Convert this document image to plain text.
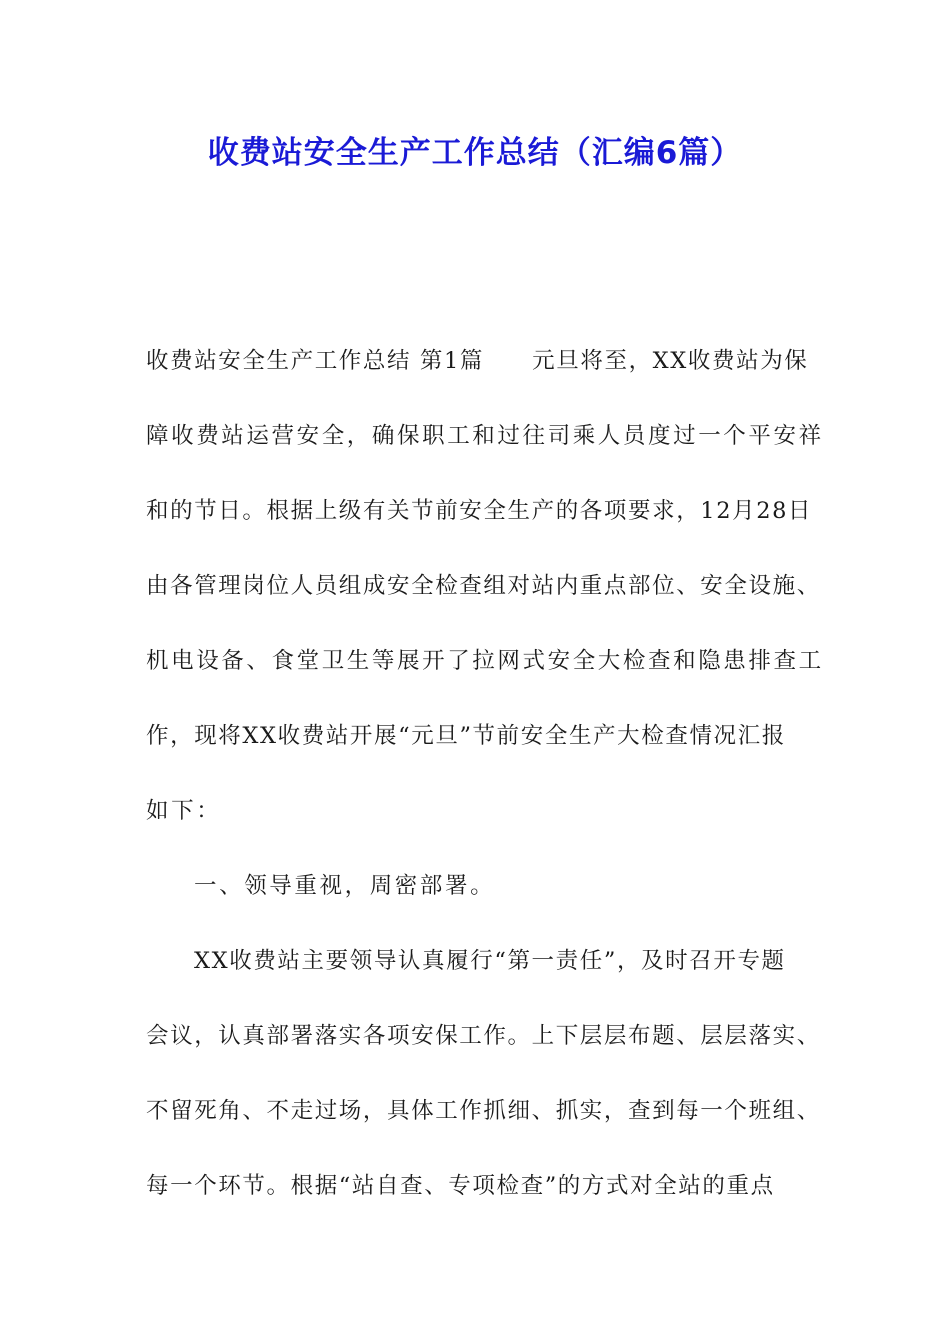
收费站安全生产工作总结（汇编6篇）
收费站安全生产工作总结 第1篇　　元旦将至，XX收费站为保
障收费站运营安全，确保职工和过往司乘人员度过一个平安祥
和的节日。根据上级有关节前安全生产的各项要求，12月28日
由各管理岗位人员组成安全检查组对站内重点部位、安全设施、
机电设备、食堂卫生等展开了拉网式安全大检查和隐患排查工
作，现将XX收费站开展“元旦”节前安全生产大检查情况汇报
如下：
一、领导重视，周密部署。
XX收费站主要领导认真履行“第一责任”，及时召开专题
会议，认真部署落实各项安保工作。上下层层布题、层层落实、
不留死角、不走过场，具体工作抓细、抓实，查到每一个班组、
每一个环节。根据“站自查、专项检查”的方式对全站的重点
